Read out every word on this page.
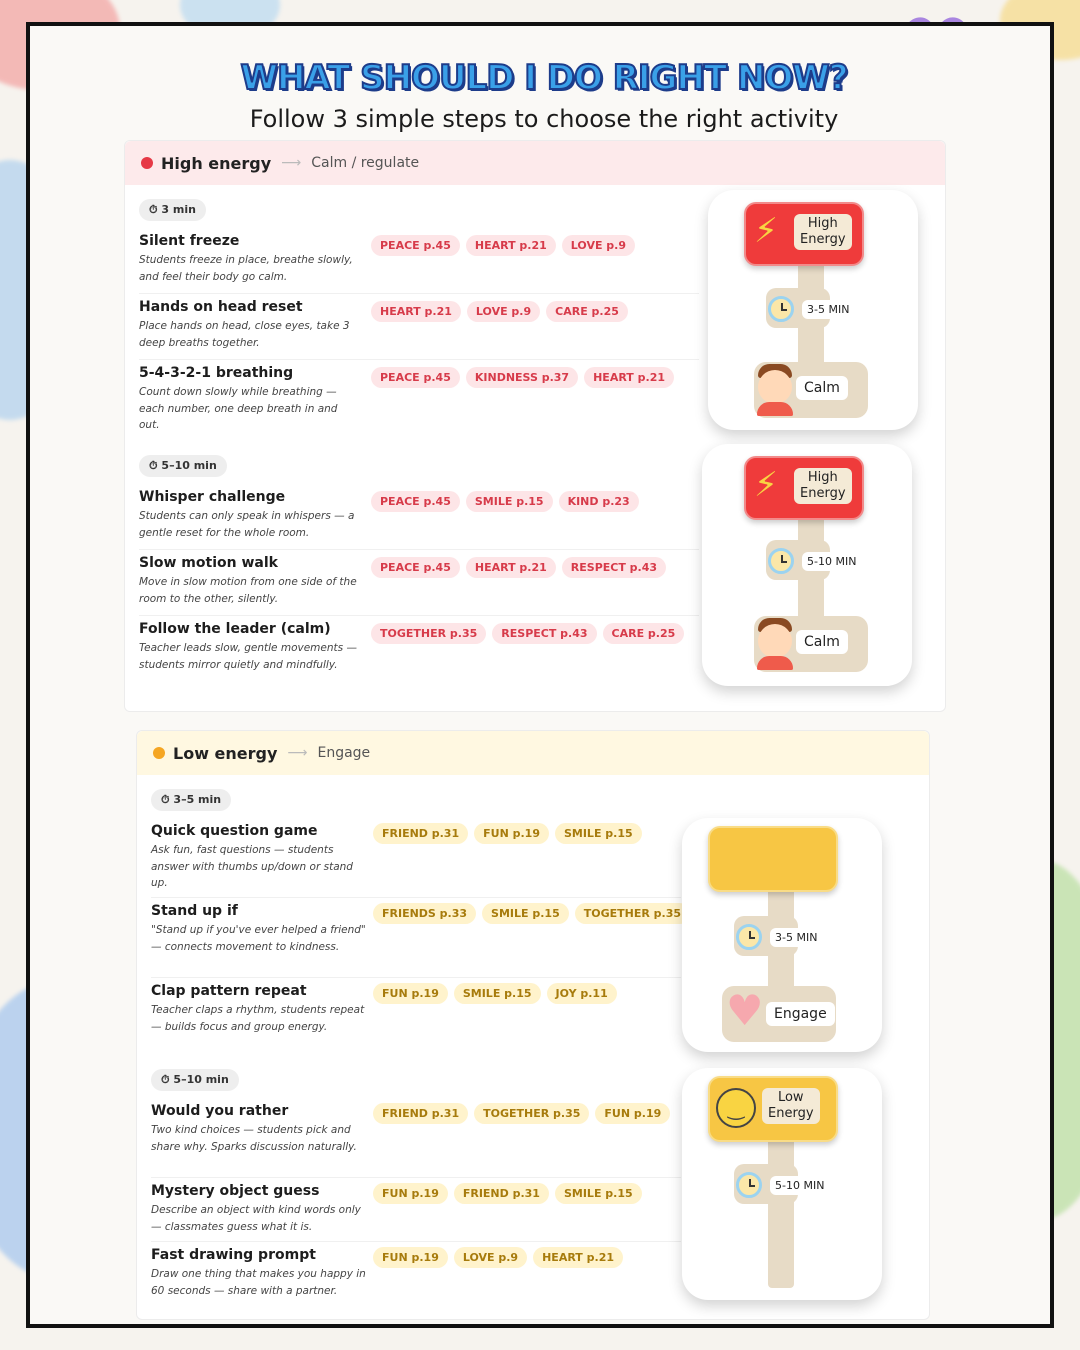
WHAT SHOULD I DO RIGHT NOW?
Follow 3 simple steps to choose the right activity
High energy ⟶ Calm / regulate
⏱ 3 min
Silent freeze
Students freeze in place, breathe slowly, and feel their body go calm.
PEACE p.45	HEART p.21	LOVE p.9
Hands on head reset
Place hands on head, close eyes, take 3 deep breaths together.
HEART p.21	LOVE p.9	CARE p.25
5-4-3-2-1 breathing
Count down slowly while breathing — each number, one deep breath in and out.
PEACE p.45	KINDNESS p.37	HEART p.21
⏱ 5–10 min
Whisper challenge
Students can only speak in whispers — a gentle reset for the whole room.
PEACE p.45	SMILE p.15	KIND p.23
Slow motion walk
Move in slow motion from one side of the room to the other, silently.
PEACE p.45	HEART p.21	RESPECT p.43
Follow the leader (calm)
Teacher leads slow, gentle movements — students mirror quietly and mindfully.
TOGETHER p.35	RESPECT p.43	CARE p.25
⚡	High
Energy
3-5 MIN
Calm
⚡	High
Energy
5-10 MIN
Calm
Low energy ⟶ Engage
⏱ 3–5 min
Quick question game
Ask fun, fast questions — students answer with thumbs up/down or stand up.
FRIEND p.31	FUN p.19	SMILE p.15
Stand up if
"Stand up if you've ever helped a friend" — connects movement to kindness.
FRIENDS p.33	SMILE p.15	TOGETHER p.35
Clap pattern repeat
Teacher claps a rhythm, students repeat — builds focus and group energy.
FUN p.19	SMILE p.15	JOY p.11
⏱ 5–10 min
Would you rather
Two kind choices — students pick and share why. Sparks discussion naturally.
FRIEND p.31	TOGETHER p.35	FUN p.19
Mystery object guess
Describe an object with kind words only — classmates guess what it is.
FUN p.19	FRIEND p.31	SMILE p.15
Fast drawing prompt
Draw one thing that makes you happy in 60 seconds — share with a partner.
FUN p.19	LOVE p.9	HEART p.21
3-5 MIN
♥ Engage
‿	Low
Energy
5-10 MIN
